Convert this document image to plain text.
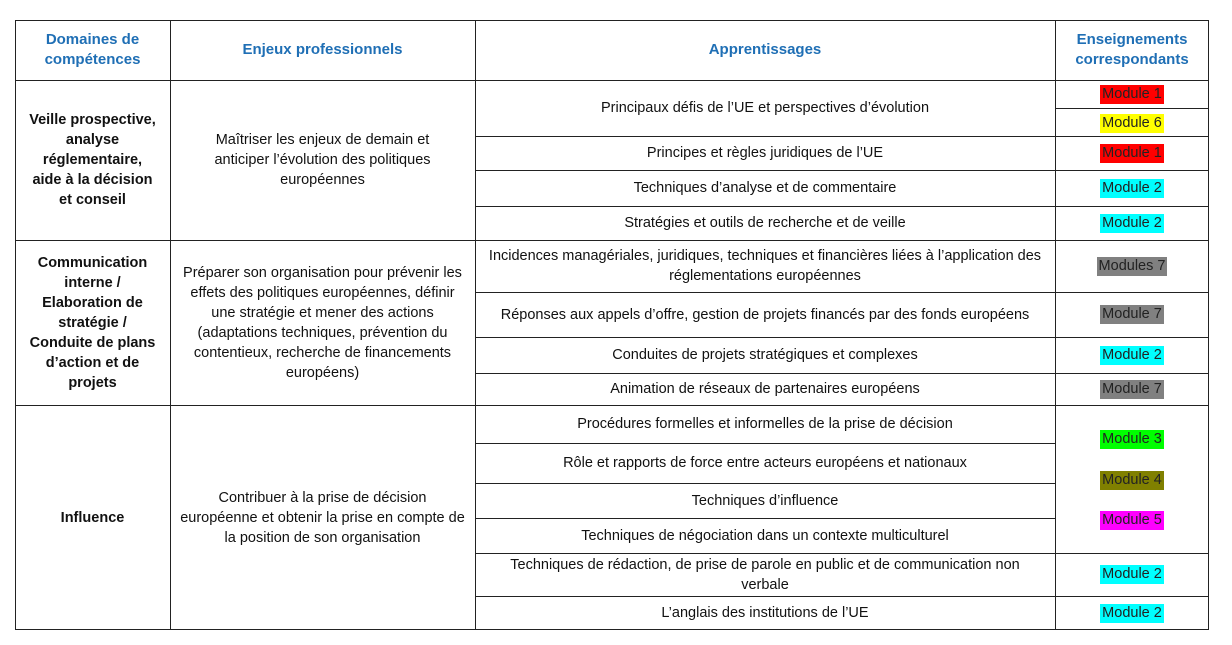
Domaines de compétences
Enjeux professionnels	Apprentissages
Enseignements correspondants
Veille prospective, analyse réglementaire, aide à la décision et conseil
Maîtriser les enjeux de demain et anticiper l’évolution des politiques européennes
Principaux défis de l’UE et perspectives d’évolution
Principes et règles juridiques de l’UE
Techniques d’analyse et de commentaire
Stratégies et outils de recherche et de veille
Communication interne / Elaboration de stratégie / Conduite de plans d’action et de projets
Préparer son organisation pour prévenir les effets des politiques européennes, définir une stratégie et mener des actions (adaptations techniques, prévention du contentieux, recherche de financements européens)
Incidences managériales, juridiques, techniques et financières liées à l’application des réglementations européennes
Réponses aux appels d’offre, gestion de projets financés par des fonds européens
Conduites de projets stratégiques et complexes
Animation de réseaux de partenaires européens
Influence
Contribuer à la prise de décision européenne et obtenir la prise en compte de la position de son organisation
Procédures formelles et informelles de la prise de décision
Rôle et rapports de force entre acteurs européens et nationaux
Techniques d’influence
Techniques de négociation dans un contexte multiculturel
Techniques de rédaction, de prise de parole en public et de communication non verbale
L’anglais des institutions de l’UE
Module 1
Module 6
Module 1
Module 2
Module 2
Modules 7
Module 7
Module 2
Module 7
Module 3
Module 4
Module 5
Module 2
Module 2
